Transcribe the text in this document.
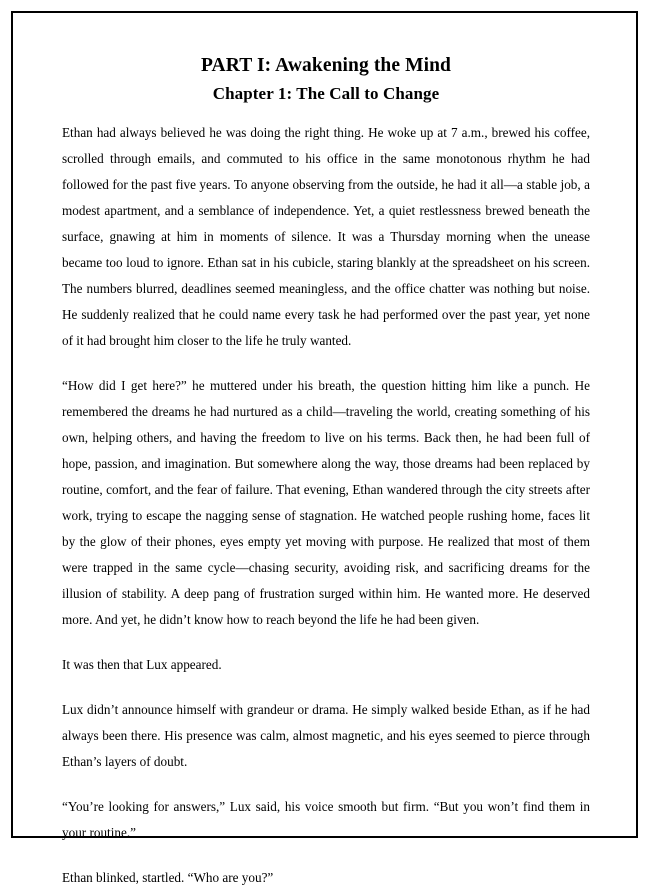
PART I: Awakening the Mind
Chapter 1: The Call to Change

Ethan had always believed he was doing the right thing. He woke up at 7 a.m., brewed his coffee, scrolled through emails, and commuted to his office in the same monotonous rhythm he had followed for the past five years. To anyone observing from the outside, he had it all—a stable job, a modest apartment, and a semblance of independence. Yet, a quiet restlessness brewed beneath the surface, gnawing at him in moments of silence. It was a Thursday morning when the unease became too loud to ignore. Ethan sat in his cubicle, staring blankly at the spreadsheet on his screen. The numbers blurred, deadlines seemed meaningless, and the office chatter was nothing but noise. He suddenly realized that he could name every task he had performed over the past year, yet none of it had brought him closer to the life he truly wanted.

“How did I get here?” he muttered under his breath, the question hitting him like a punch. He remembered the dreams he had nurtured as a child—traveling the world, creating something of his own, helping others, and having the freedom to live on his terms. Back then, he had been full of hope, passion, and imagination. But somewhere along the way, those dreams had been replaced by routine, comfort, and the fear of failure. That evening, Ethan wandered through the city streets after work, trying to escape the nagging sense of stagnation. He watched people rushing home, faces lit by the glow of their phones, eyes empty yet moving with purpose. He realized that most of them were trapped in the same cycle—chasing security, avoiding risk, and sacrificing dreams for the illusion of stability. A deep pang of frustration surged within him. He wanted more. He deserved more. And yet, he didn’t know how to reach beyond the life he had been given.

It was then that Lux appeared.

Lux didn’t announce himself with grandeur or drama. He simply walked beside Ethan, as if he had always been there. His presence was calm, almost magnetic, and his eyes seemed to pierce through Ethan’s layers of doubt.

“You’re looking for answers,” Lux said, his voice smooth but firm. “But you won’t find them in your routine.”

Ethan blinked, startled. “Who are you?”
